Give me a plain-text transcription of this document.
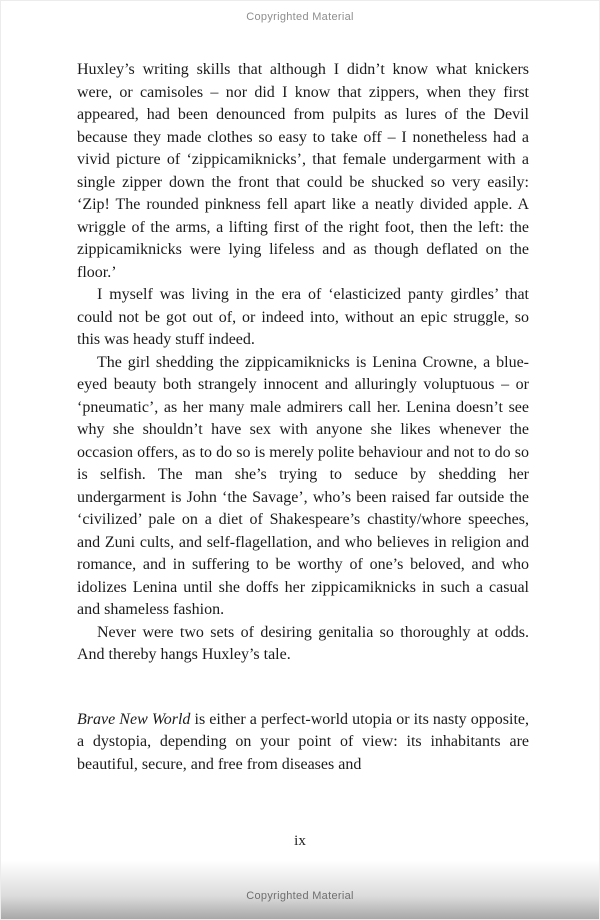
Copyrighted Material

Huxley’s writing skills that although I didn’t know what knickers were, or camisoles – nor did I know that zippers, when they first appeared, had been denounced from pulpits as lures of the Devil because they made clothes so easy to take off – I nonetheless had a vivid picture of ‘zippicamiknicks’, that female undergarment with a single zipper down the front that could be shucked so very easily: ‘Zip! The rounded pinkness fell apart like a neatly divided apple. A wriggle of the arms, a lifting first of the right foot, then the left: the zippicamiknicks were lying lifeless and as though deflated on the floor.’

I myself was living in the era of ‘elasticized panty girdles’ that could not be got out of, or indeed into, without an epic struggle, so this was heady stuff indeed.

The girl shedding the zippicamiknicks is Lenina Crowne, a blue-eyed beauty both strangely innocent and alluringly voluptuous – or ‘pneumatic’, as her many male admirers call her. Lenina doesn’t see why she shouldn’t have sex with anyone she likes whenever the occasion offers, as to do so is merely polite behaviour and not to do so is selfish. The man she’s trying to seduce by shedding her undergarment is John ‘the Savage’, who’s been raised far outside the ‘civilized’ pale on a diet of Shakespeare’s chastity/whore speeches, and Zuni cults, and self-flagellation, and who believes in religion and romance, and in suffering to be worthy of one’s beloved, and who idolizes Lenina until she doffs her zippicamiknicks in such a casual and shameless fashion.

Never were two sets of desiring genitalia so thoroughly at odds. And thereby hangs Huxley’s tale.

Brave New World is either a perfect-world utopia or its nasty opposite, a dystopia, depending on your point of view: its inhabitants are beautiful, secure, and free from diseases and

ix
Copyrighted Material
